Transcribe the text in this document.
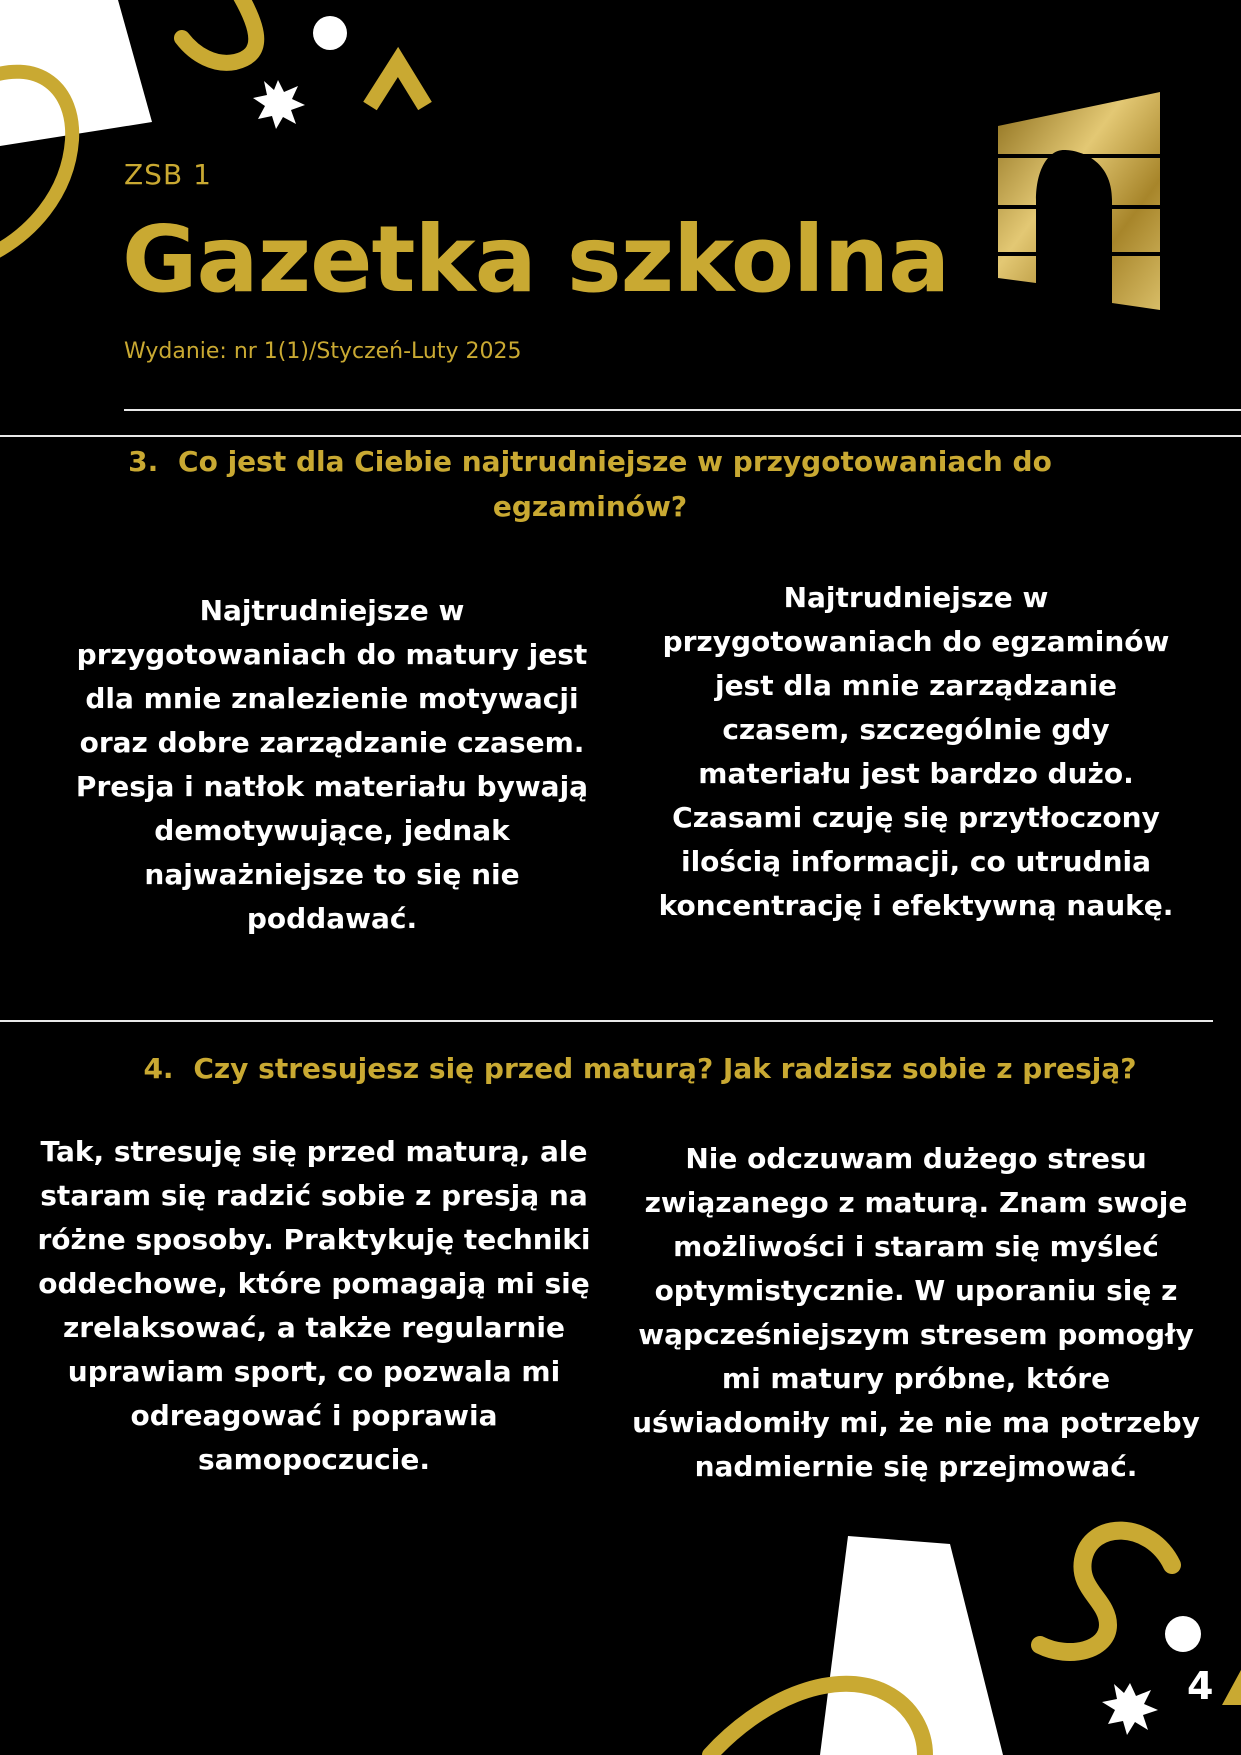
ZSB 1
Gazetka szkolna
Wydanie: nr 1(1)/Styczeń-Luty 2025
3. Co jest dla Ciebie najtrudniejsze w przygotowaniach do egzaminów?
Najtrudniejsze w przygotowaniach do matury jest dla mnie znalezienie motywacji oraz dobre zarządzanie czasem. Presja i natłok materiału bywają demotywujące, jednak najważniejsze to się nie poddawać.
Najtrudniejsze w przygotowaniach do egzaminów jest dla mnie zarządzanie czasem, szczególnie gdy materiału jest bardzo dużo. Czasami czuję się przytłoczony ilością informacji, co utrudnia koncentrację i efektywną naukę.
4. Czy stresujesz się przed maturą? Jak radzisz sobie z presją?
Tak, stresuję się przed maturą, ale staram się radzić sobie z presją na różne sposoby. Praktykuję techniki oddechowe, które pomagają mi się zrelaksować, a także regularnie uprawiam sport, co pozwala mi odreagować i poprawia samopoczucie.
Nie odczuwam dużego stresu związanego z maturą. Znam swoje możliwości i staram się myśleć optymistycznie. W uporaniu się z wąpcześniejszym stresem pomogły mi matury próbne, które uświadomiły mi, że nie ma potrzeby nadmiernie się przejmować.
4
